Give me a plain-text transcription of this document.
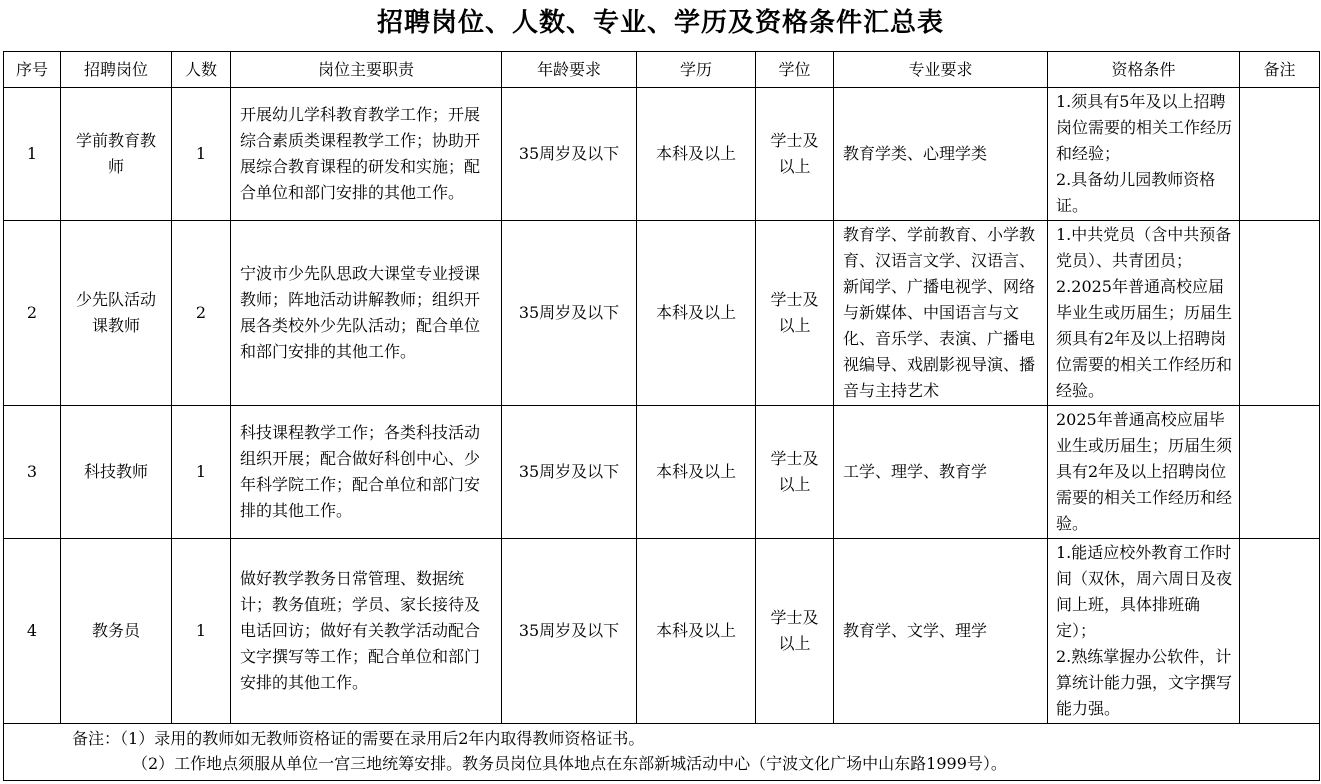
招聘岗位、人数、专业、学历及资格条件汇总表
序号	招聘岗位	人数	岗位主要职责	年龄要求	学历	学位	专业要求	资格条件	备注
1	学前教育教师	1	开展幼儿学科教育教学工作；开展综合素质类课程教学工作；协助开展综合教育课程的研发和实施；配合单位和部门安排的其他工作。	35周岁及以下	本科及以上	学士及以上	教育学类、心理学类	1.须具有5年及以上招聘岗位需要的相关工作经历和经验；
2.具备幼儿园教师资格证。	
2	少先队活动课教师	2	宁波市少先队思政大课堂专业授课教师；阵地活动讲解教师；组织开展各类校外少先队活动；配合单位和部门安排的其他工作。	35周岁及以下	本科及以上	学士及以上	教育学、学前教育、小学教育、汉语言文学、汉语言、新闻学、广播电视学、网络与新媒体、中国语言与文化、音乐学、表演、广播电视编导、戏剧影视导演、播音与主持艺术	1.中共党员（含中共预备党员）、共青团员；
2.2025年普通高校应届毕业生或历届生；历届生须具有2年及以上招聘岗位需要的相关工作经历和经验。	
3	科技教师	1	科技课程教学工作；各类科技活动组织开展；配合做好科创中心、少年科学院工作；配合单位和部门安排的其他工作。	35周岁及以下	本科及以上	学士及以上	工学、理学、教育学	2025年普通高校应届毕业生或历届生；历届生须具有2年及以上招聘岗位需要的相关工作经历和经验。	
4	教务员	1	做好教学教务日常管理、数据统计；教务值班；学员、家长接待及电话回访；做好有关教学活动配合文字撰写等工作；配合单位和部门安排的其他工作。	35周岁及以下	本科及以上	学士及以上	教育学、文学、理学	1.能适应校外教育工作时间（双休，周六周日及夜间上班，具体排班确定）；
2.熟练掌握办公软件，计算统计能力强，文字撰写能力强。	

备注：（1）录用的教师如无教师资格证的需要在录用后2年内取得教师资格证书。
（2）工作地点须服从单位一宫三地统筹安排。教务员岗位具体地点在东部新城活动中心（宁波文化广场中山东路1999号）。									
